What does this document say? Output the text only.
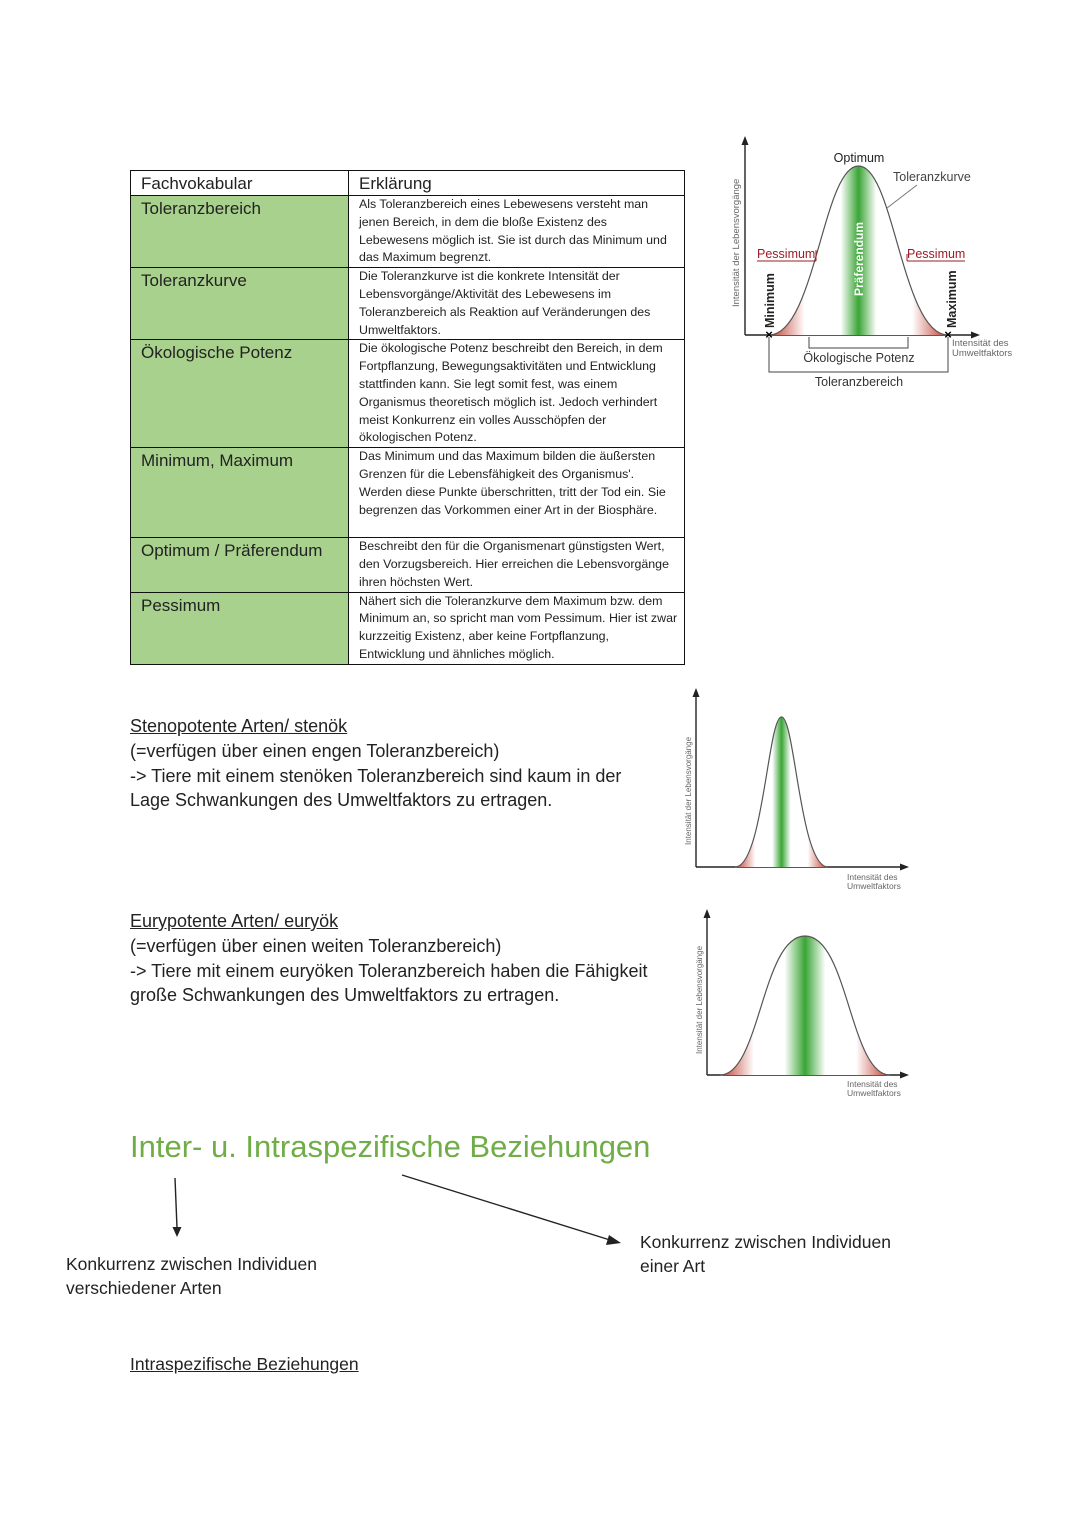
Fachvokabular	Erklärung
Toleranzbereich	Als Toleranzbereich eines Lebewesens versteht man jenen Bereich, in dem die bloße Existenz des Lebewesens möglich ist. Sie ist durch das Minimum und das Maximum begrenzt.
Toleranzkurve	Die Toleranzkurve ist die konkrete Intensität der Lebensvorgänge/Aktivität des Lebewesens im Toleranzbereich als Reaktion auf Veränderungen des Umweltfaktors.
Ökologische Potenz	Die ökologische Potenz beschreibt den Bereich, in dem Fortpflanzung, Bewegungsaktivitäten und Entwicklung stattfinden kann. Sie legt somit fest, was einem Organismus theoretisch möglich ist. Jedoch verhindert meist Konkurrenz ein volles Ausschöpfen der ökologischen Potenz.
Minimum, Maximum	Das Minimum und das Maximum bilden die äußersten Grenzen für die Lebensfähigkeit des Organismus'. Werden diese Punkte überschritten, tritt der Tod ein. Sie begrenzen das Vorkommen einer Art in der Biosphäre.
Optimum / Präferendum	Beschreibt den für die Organismenart günstigsten Wert, den Vorzugsbereich. Hier erreichen die Lebensvorgänge ihren höchsten Wert.
Pessimum	Nähert sich die Toleranzkurve dem Maximum bzw. dem Minimum an, so spricht man vom Pessimum. Hier ist zwar kurzzeitig Existenz, aber keine Fortpflanzung, Entwicklung und ähnliches möglich.
×	×
Intensität der Lebensvorgänge Minimum	Maximum
Präferendum
Optimum
Toleranzkurve
Pessimum	Pessimum
Intensität des
Umweltfaktors
Ökologische Potenz
Toleranzbereich
Stenopotente Arten/ stenök
(=verfügen über einen engen Toleranzbereich)
-> Tiere mit einem stenöken Toleranzbereich sind kaum in der
Lage Schwankungen des Umweltfaktors zu ertragen.	Intensität der Lebensvorgänge
Intensität des
Umweltfaktors
Eurypotente Arten/ euryök
(=verfügen über einen weiten Toleranzbereich)
-> Tiere mit einem euryöken Toleranzbereich haben die Fähigkeit
große Schwankungen des Umweltfaktors zu ertragen.	Intensität der Lebensvorgänge
Intensität des
Umweltfaktors
Inter- u. Intraspezifische Beziehungen
Konkurrenz zwischen Individuen
verschiedener Arten
Konkurrenz zwischen Individuen
einer Art
Intraspezifische Beziehungen
